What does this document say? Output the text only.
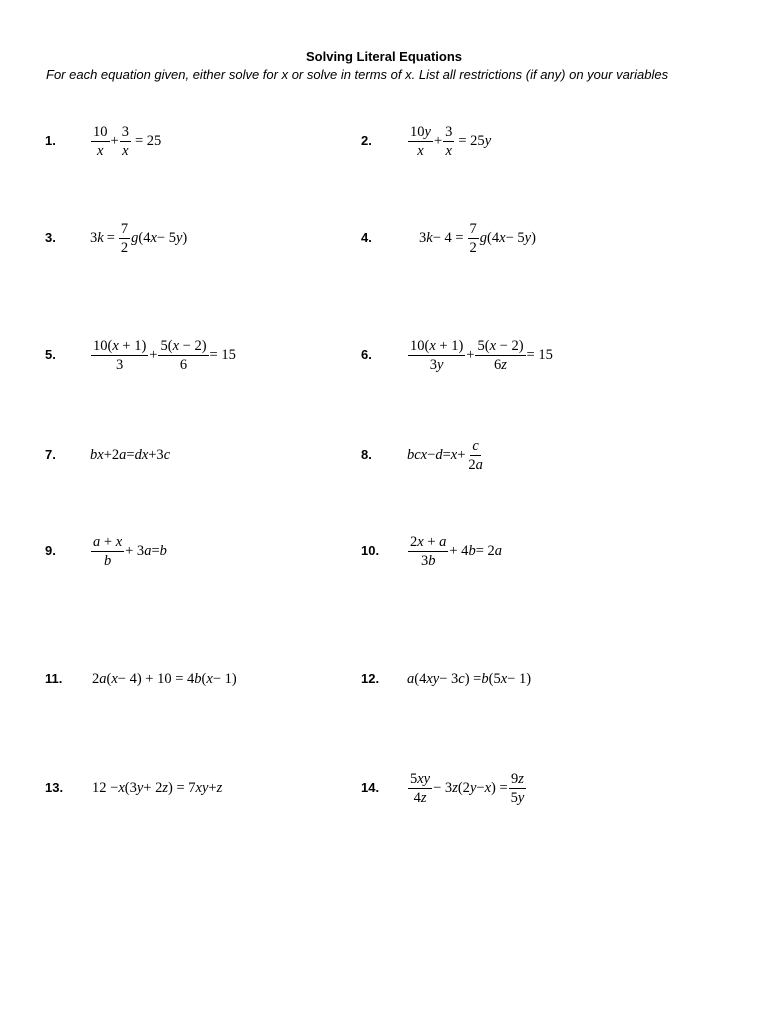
Solving Literal Equations
For each equation given, either solve for x or solve in terms of x. List all restrictions (if any) on your variables
1. $\frac{10}{x} + \frac{3}{x} = 25$	2. $\frac{10y}{x} + \frac{3}{x} = 25$ y
3. 3 $k = \frac{7}{2}$ g (4 x − 5 y )	4.	3 $k - 4 = \frac{7}{2}$ g (4 x − 5 y )
5. $\frac{10(x + 1)}{3} + \frac{5(x - 2)}{6} = 15$	6. $\frac{10(x + 1)}{3y} + \frac{5(x - 2)}{6z} = 15$
7. bx +2 a = dx +3 c	8. bcx − $d = x + \frac{c}{2a}$
9. $\frac{a + x}{b} + 3$ a = b	10. $\frac{2x + a}{3b} + 4$ b = 2 a
11. 2 a ( x − 4) + 10 = 4 b ( x − 1)	12. a (4 xy − 3 c ) = b (5 x − 1)
13. 12 − x (3 y + 2 z ) = 7 xy + z	14. $\frac{5xy}{4z} - 3$ z (2 y − x ) = $\frac{9z}{5y}$
